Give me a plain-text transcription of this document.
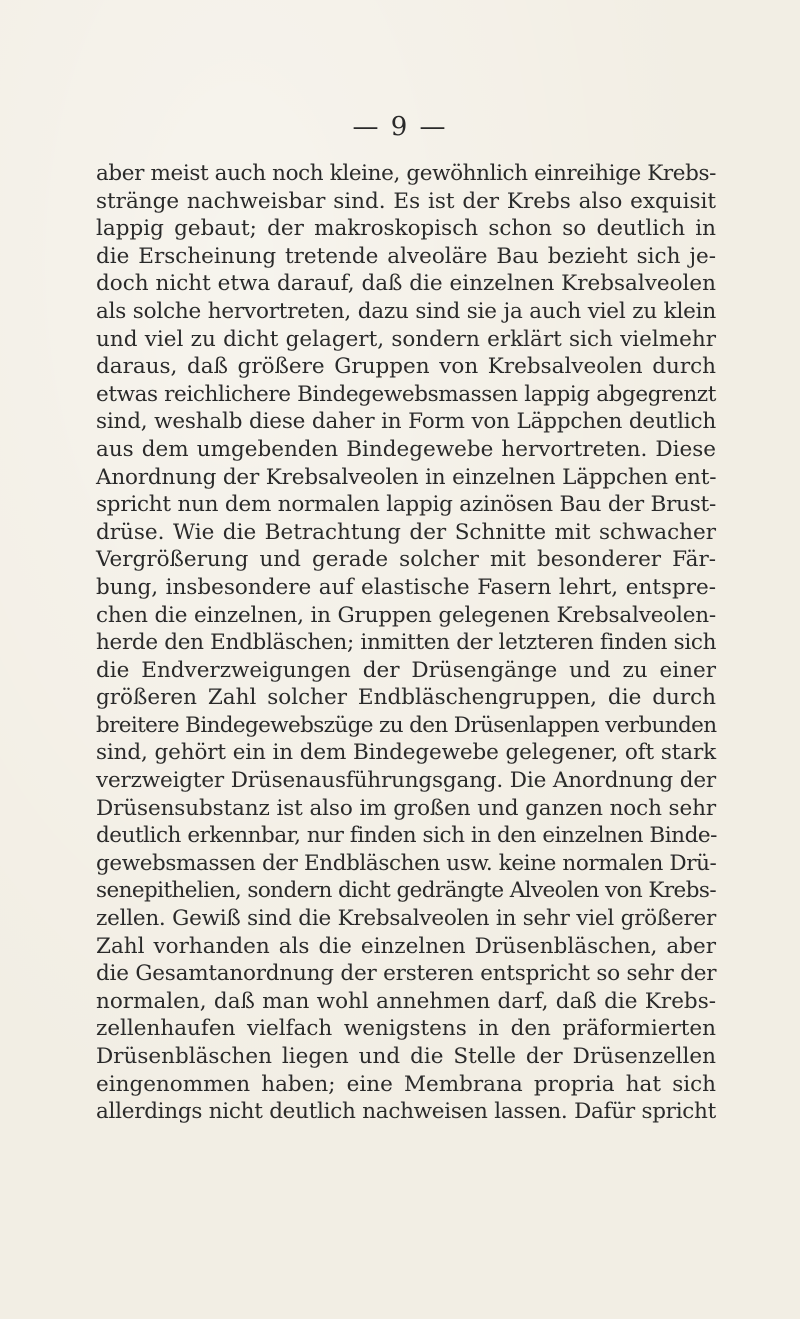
— 9 —
aber meist auch noch kleine, gewöhnlich einreihige Krebs-
stränge nachweisbar sind. Es ist der Krebs also exquisit
lappig gebaut; der makroskopisch schon so deutlich in
die Erscheinung tretende alveoläre Bau bezieht sich je-
doch nicht etwa darauf, daß die einzelnen Krebsalveolen
als solche hervortreten, dazu sind sie ja auch viel zu klein
und viel zu dicht gelagert, sondern erklärt sich vielmehr
daraus, daß größere Gruppen von Krebsalveolen durch
etwas reichlichere Bindegewebsmassen lappig abgegrenzt
sind, weshalb diese daher in Form von Läppchen deutlich
aus dem umgebenden Bindegewebe hervortreten. Diese
Anordnung der Krebsalveolen in einzelnen Läppchen ent-
spricht nun dem normalen lappig azinösen Bau der Brust-
drüse. Wie die Betrachtung der Schnitte mit schwacher
Vergrößerung und gerade solcher mit besonderer Fär-
bung, insbesondere auf elastische Fasern lehrt, entspre-
chen die einzelnen, in Gruppen gelegenen Krebsalveolen-
herde den Endbläschen; inmitten der letzteren finden sich
die Endverzweigungen der Drüsengänge und zu einer
größeren Zahl solcher Endbläschengruppen, die durch
breitere Bindegewebszüge zu den Drüsenlappen verbunden
sind, gehört ein in dem Bindegewebe gelegener, oft stark
verzweigter Drüsenausführungsgang. Die Anordnung der
Drüsensubstanz ist also im großen und ganzen noch sehr
deutlich erkennbar, nur finden sich in den einzelnen Binde-
gewebsmassen der Endbläschen usw. keine normalen Drü-
senepithelien, sondern dicht gedrängte Alveolen von Krebs-
zellen. Gewiß sind die Krebsalveolen in sehr viel größerer
Zahl vorhanden als die einzelnen Drüsenbläschen, aber
die Gesamtanordnung der ersteren entspricht so sehr der
normalen, daß man wohl annehmen darf, daß die Krebs-
zellenhaufen vielfach wenigstens in den präformierten
Drüsenbläschen liegen und die Stelle der Drüsenzellen
eingenommen haben; eine Membrana propria hat sich
allerdings nicht deutlich nachweisen lassen. Dafür spricht
